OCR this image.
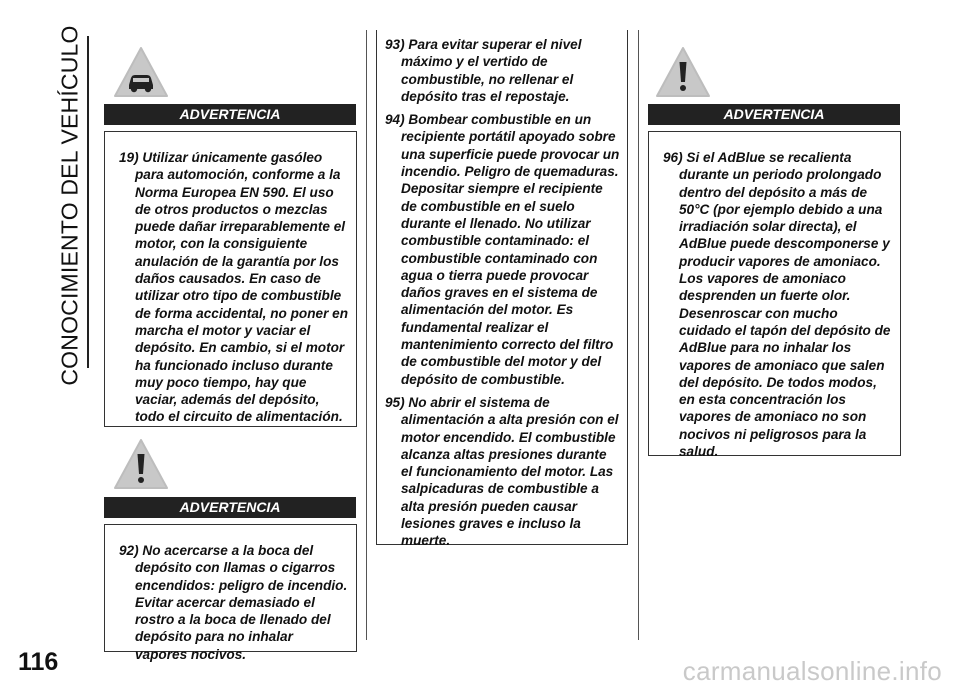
CONOCIMIENTO DEL VEHÍCULO
116	carmanualsonline.info
ADVERTENCIA

19) Utilizar únicamente gasóleo para automoción, conforme a la Norma Europea EN 590. El uso de otros productos o mezclas puede dañar irreparablemente el motor, con la consiguiente anulación de la garantía por los daños causados. En caso de utilizar otro tipo de combustible de forma accidental, no poner en marcha el motor y vaciar el depósito. En cambio, si el motor ha funcionado incluso durante muy poco tiempo, hay que vaciar, además del depósito, todo el circuito de alimentación.

ADVERTENCIA

92) No acercarse a la boca del depósito con llamas o cigarros encendidos: peligro de incendio. Evitar acercar demasiado el rostro a la boca de llenado del depósito para no inhalar vapores nocivos.

93) Para evitar superar el nivel máximo y el vertido de combustible, no rellenar el depósito tras el repostaje.

94) Bombear combustible en un recipiente portátil apoyado sobre una superficie puede provocar un incendio. Peligro de quemaduras. Depositar siempre el recipiente de combustible en el suelo durante el llenado. No utilizar combustible contaminado: el combustible contaminado con agua o tierra puede provocar daños graves en el sistema de alimentación del motor. Es fundamental realizar el mantenimiento correcto del filtro de combustible del motor y del depósito de combustible.

95) No abrir el sistema de alimentación a alta presión con el motor encendido. El combustible alcanza altas presiones durante el funcionamiento del motor. Las salpicaduras de combustible a alta presión pueden causar lesiones graves e incluso la muerte.

ADVERTENCIA

96) Si el AdBlue se recalienta durante un periodo prolongado dentro del depósito a más de 50°C (por ejemplo debido a una irradiación solar directa), el AdBlue puede descomponerse y producir vapores de amoniaco. Los vapores de amoniaco desprenden un fuerte olor. Desenroscar con mucho cuidado el tapón del depósito de AdBlue para no inhalar los vapores de amoniaco que salen del depósito. De todos modos, en esta concentración los vapores de amoniaco no son nocivos ni peligrosos para la salud.
